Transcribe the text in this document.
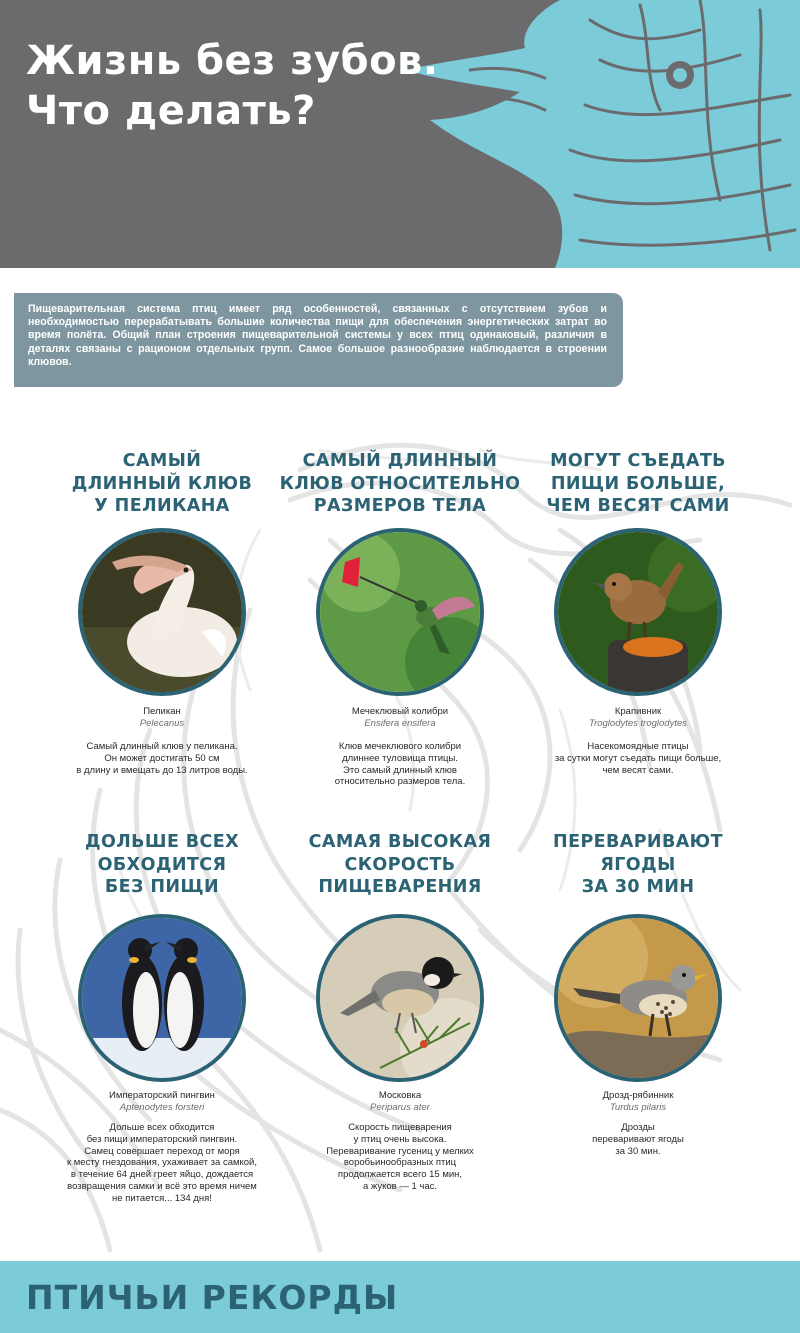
Жизнь без зубов.
Что делать?

Пищеварительная система птиц имеет ряд особенностей, связанных с отсутствием зубов и необходимостью перерабатывать большие количества пищи для обеспечения энергетических затрат во время полёта. Общий план строения пищеварительной системы у всех птиц одинаковый, различия в деталях связаны с рационом отдельных групп. Самое большое разнообразие наблюдается в строении клювов.

САМЫЙ
ДЛИННЫЙ КЛЮВ
У ПЕЛИКАНА
Пеликан
Pelecanus
Самый длинный клюв у пеликана.
Он может достигать 50 см
в длину и вмещать до 13 литров воды.
САМЫЙ ДЛИННЫЙ
КЛЮВ ОТНОСИТЕЛЬНО
РАЗМЕРОВ ТЕЛА
Мечеклювый колибри
Ensifera ensifera
Клюв мечеклювого колибри
длиннее туловища птицы.
Это самый длинный клюв
относительно размеров тела.
МОГУТ СЪЕДАТЬ
ПИЩИ БОЛЬШЕ,
ЧЕМ ВЕСЯТ САМИ
Крапивник
Troglodytes troglodytes
Насекомоядные птицы
за сутки могут съедать пищи больше,
чем весят сами.
ДОЛЬШЕ ВСЕХ
ОБХОДИТСЯ
БЕЗ ПИЩИ
Императорский пингвин
Aptenodytes forsteri
Дольше всех обходится
без пищи императорский пингвин.
Самец совершает переход от моря
к месту гнездования, ухаживает за самкой,
в течение 64 дней греет яйцо, дождается
возвращения самки и всё это время ничем
не питается... 134 дня!
САМАЯ ВЫСОКАЯ
СКОРОСТЬ
ПИЩЕВАРЕНИЯ
Московка
Periparus ater
Скорость пищеварения
у птиц очень высока.
Переваривание гусениц у мелких
воробьинообразных птиц
продолжается всего 15 мин,
а жуков — 1 час.
ПЕРЕВАРИВАЮТ
ЯГОДЫ
ЗА 30 МИН
Дрозд-рябинник
Turdus pilaris
Дрозды
переваривают ягоды
за 30 мин.
ПТИЧЬИ РЕКОРДЫ
